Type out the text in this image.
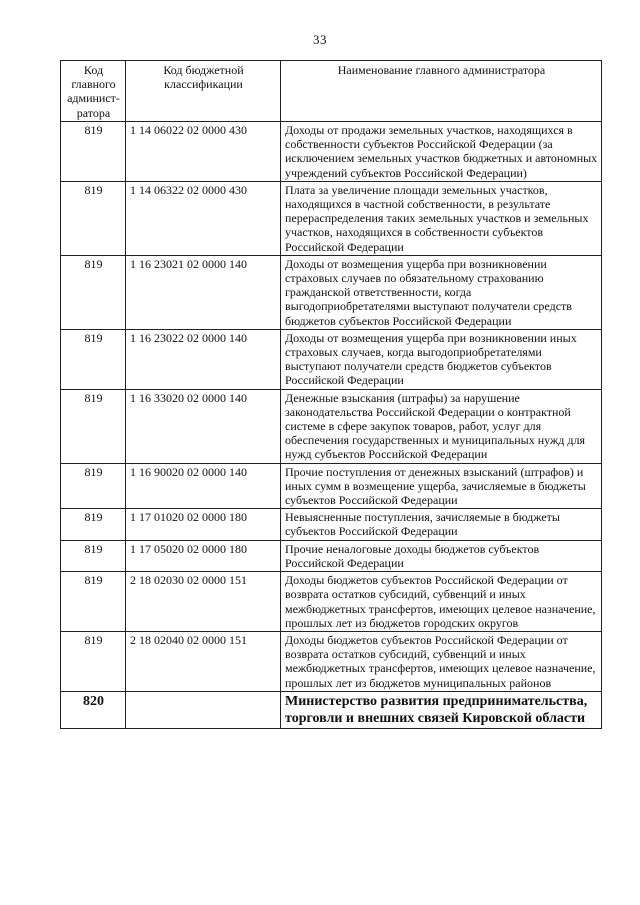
33
Код главного админист-ратора	Код бюджетной классификации	Наименование главного администратора
819	1 14 06022 02 0000 430	Доходы от продажи земельных участков, находящихся в собственности субъектов Российской Федерации (за исключением земельных участков бюджетных и автономных учреждений субъектов Российской Федерации)
819	1 14 06322 02 0000 430	Плата за увеличение площади земельных участков, находящихся в частной собственности, в результате перераспределения таких земельных участков и земельных участков, находящихся в собственности субъектов Российской Федерации
819	1 16 23021 02 0000 140	Доходы от возмещения ущерба при возникновении страховых случаев по обязательному страхованию гражданской ответственности, когда выгодоприобретателями выступают получатели средств бюджетов субъектов Российской Федерации
819	1 16 23022 02 0000 140	Доходы от возмещения ущерба при возникновении иных страховых случаев, когда выгодоприобретателями выступают получатели средств бюджетов субъектов Российской Федерации
819	1 16 33020 02 0000 140	Денежные взыскания (штрафы) за нарушение законодательства Российской Федерации о контрактной системе в сфере закупок товаров, работ, услуг для обеспечения государственных и муниципальных нужд для нужд субъектов Российской Федерации
819	1 16 90020 02 0000 140	Прочие поступления от денежных взысканий (штрафов) и иных сумм в возмещение ущерба, зачисляемые в бюджеты субъектов Российской Федерации
819	1 17 01020 02 0000 180	Невыясненные поступления, зачисляемые в бюджеты субъектов Российской Федерации
819	1 17 05020 02 0000 180	Прочие неналоговые доходы бюджетов субъектов Российской Федерации
819	2 18 02030 02 0000 151	Доходы бюджетов субъектов Российской Федерации от возврата остатков субсидий, субвенций и иных межбюджетных трансфертов, имеющих целевое назначение, прошлых лет из бюджетов городских округов
819	2 18 02040 02 0000 151	Доходы бюджетов субъектов Российской Федерации от возврата остатков субсидий, субвенций и иных межбюджетных трансфертов, имеющих целевое назначение, прошлых лет из бюджетов муниципальных районов
820		Министерство развития предпринимательства, торговли и внешних связей Кировской области
